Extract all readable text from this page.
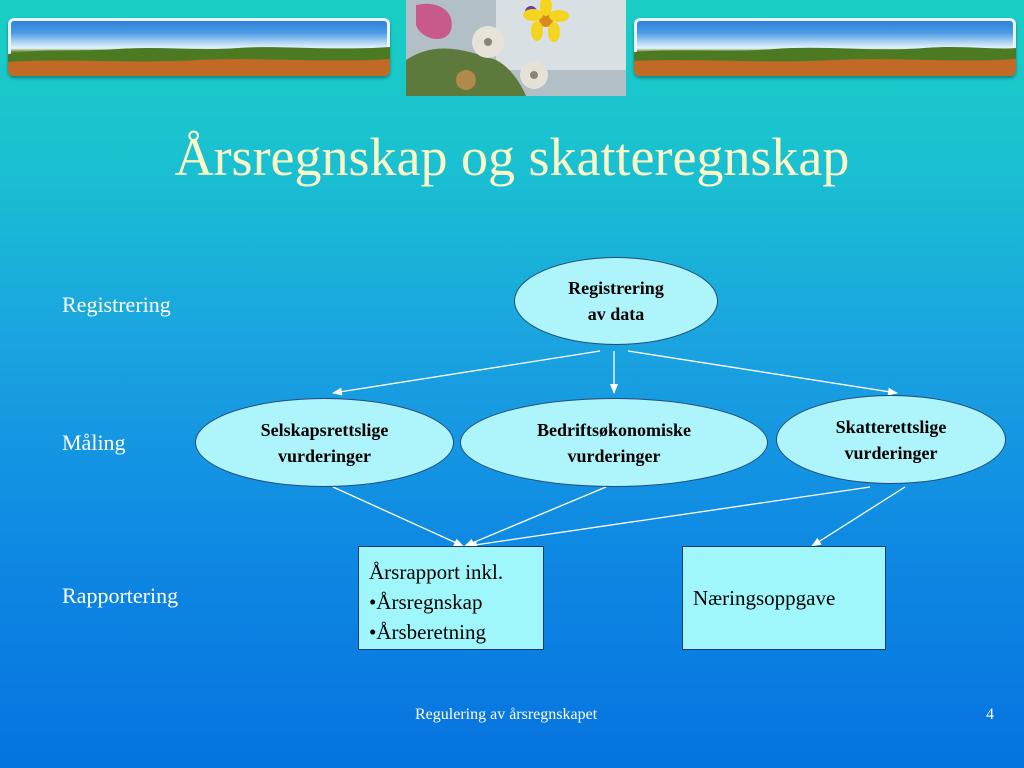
Årsregnskap og skatteregnskap
Registrering
Måling
Rapportering
Registrering
av data
Selskapsrettslige
vurderinger
Bedriftsøkonomiske
vurderinger
Skatterettslige
vurderinger
Årsrapport inkl.
•Årsregnskap
•Årsberetning
Næringsoppgave
Regulering av årsregnskapet	4
